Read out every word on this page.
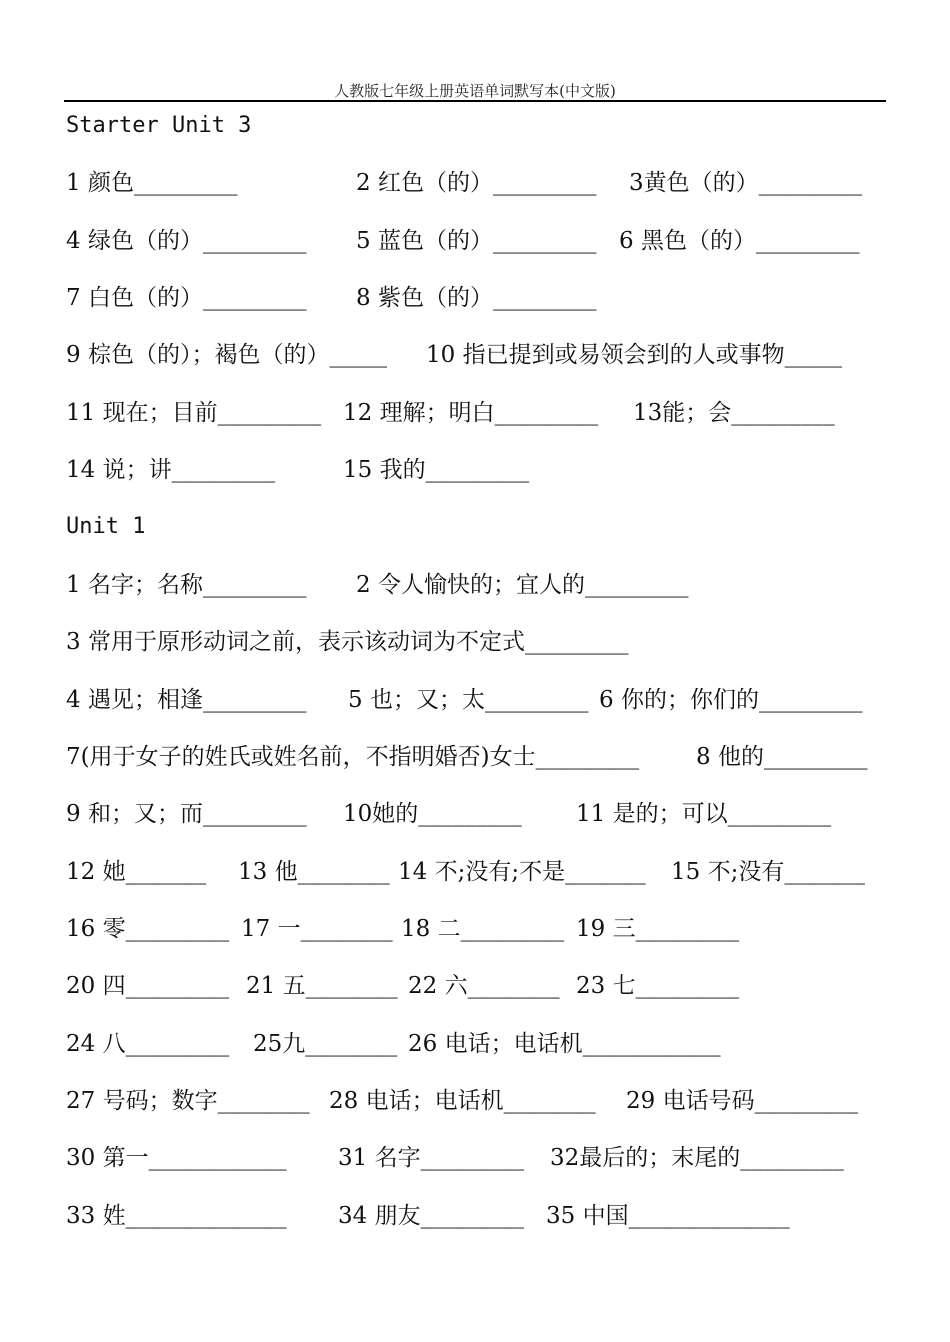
人教版七年级上册英语单词默写本(中文版)
Starter Unit 3
1 颜色_________	2 红色（的）_________ 3黄色（的）_________
4 绿色（的）_________ 5 蓝色（的）_________ 6 黑色（的）_________
7 白色（的）_________ 8 紫色（的）_________
9 棕色（的）；褐色（的）_____ 10 指已提到或易领会到的人或事物_____
11 现在；目前_________ 12 理解；明白_________ 13能；会_________
14 说；讲_________	15 我的_________
Unit 1
1 名字；名称_________ 2 令人愉快的；宜人的_________
3 常用于原形动词之前，表示该动词为不定式_________
4 遇见；相逢_________ 5 也；又；太_________ 6 你的；你们的_________
7(用于女子的姓氏或姓名前，不指明婚否)女士_________ 8 他的_________
9 和；又；而_________ 10她的_________ 11 是的；可以_________
12 她_______ 13 他________ 14 不;没有;不是_______ 15 不;没有_______
16 零_________ 17 一________ 18 二_________ 19 三_________
20 四_________ 21 五________ 22 六________ 23 七_________
24 八_________ 25九________ 26 电话；电话机____________
27 号码；数字________ 28 电话；电话机________ 29 电话号码_________
30 第一____________ 31 名字_________ 32最后的；末尾的_________
33 姓______________ 34 朋友_________ 35 中国______________
